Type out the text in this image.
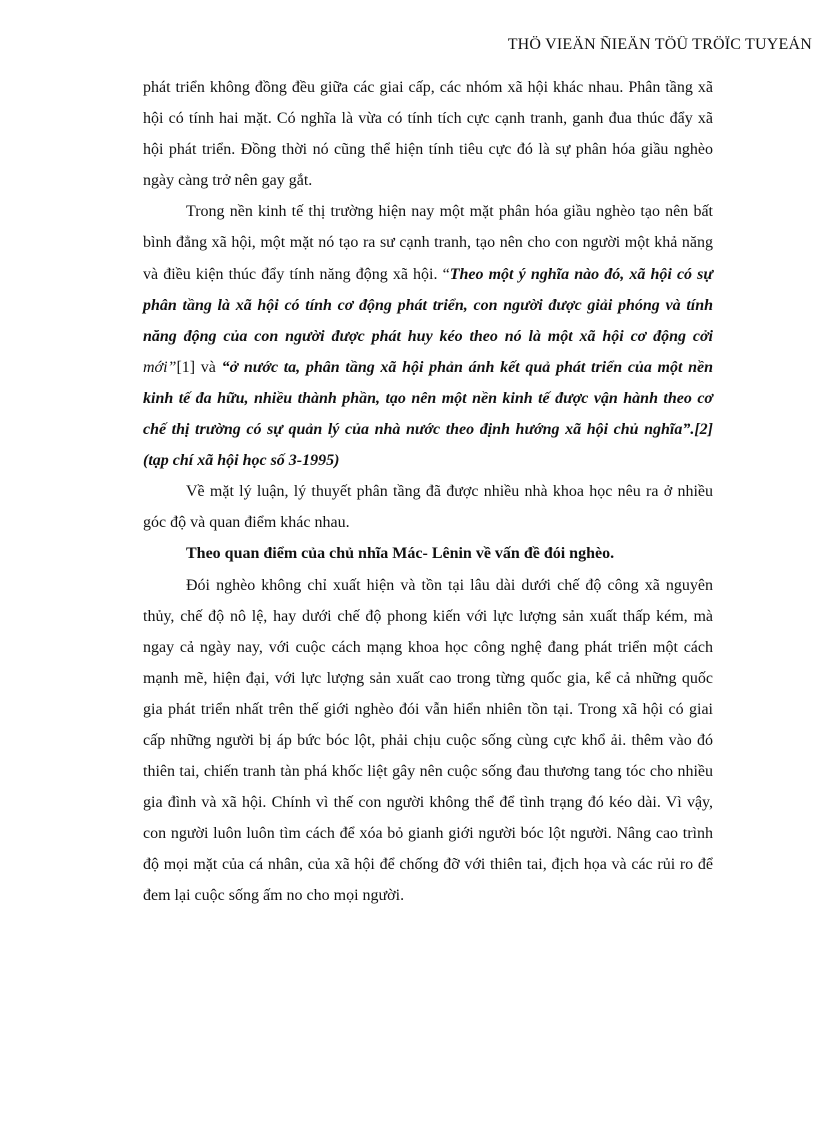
THÖ VIEÄN ÑIEÄN TÖÛ TRÖÏC TUYEÁN

phát triển không đồng đều giữa các giai cấp, các nhóm xã hội khác nhau. Phân tầng xã hội có tính hai mặt. Có nghĩa là vừa có tính tích cực cạnh tranh, ganh đua thúc đẩy xã hội phát triển. Đồng thời nó cũng thể hiện tính tiêu cực đó là sự phân hóa giầu nghèo ngày càng trở nên gay gắt.

Trong nền kinh tế thị trường hiện nay một mặt phân hóa giầu nghèo tạo nên bất bình đẳng xã hội, một mặt nó tạo ra sư cạnh tranh, tạo nên cho con người một khả năng và điều kiện thúc đẩy tính năng động xã hội. “Theo một ý nghĩa nào đó, xã hội có sự phân tầng là xã hội có tính cơ động phát triển, con người được giải phóng và tính năng động của con người được phát huy kéo theo nó là một xã hội cơ động cởi mới”[1] và “ở nước ta, phân tầng xã hội phản ánh kết quả phát triển của một nền kinh tế đa hữu, nhiều thành phần, tạo nên một nền kinh tế được vận hành theo cơ chế thị trường có sự quản lý của nhà nước theo định hướng xã hội chủ nghĩa”.[2] (tạp chí xã hội học số 3-1995)

Về mặt lý luận, lý thuyết phân tầng đã được nhiều nhà khoa học nêu ra ở nhiều góc độ và quan điểm khác nhau.

Theo quan điểm của chủ nhĩa Mác- Lênin về vấn đề đói nghèo.

Đói nghèo không chỉ xuất hiện và tồn tại lâu dài dưới chế độ công xã nguyên thủy, chế độ nô lệ, hay dưới chế độ phong kiến với lực lượng sản xuất thấp kém, mà ngay cả ngày nay, với cuộc cách mạng khoa học công nghệ đang phát triển một cách mạnh mẽ, hiện đại, với lực lượng sản xuất cao trong từng quốc gia, kể cả những quốc gia phát triển nhất trên thế giới nghèo đói vẫn hiển nhiên tồn tại. Trong xã hội có giai cấp những người bị áp bức bóc lột, phải chịu cuộc sống cùng cực khổ ải. thêm vào đó thiên tai, chiến tranh tàn phá khốc liệt gây nên cuộc sống đau thương tang tóc cho nhiều gia đình và xã hội. Chính vì thế con người không thể để tình trạng đó kéo dài. Vì vậy, con người luôn luôn tìm cách để xóa bỏ gianh giới người bóc lột người. Nâng cao trình độ mọi mặt của cá nhân, của xã hội để chống đỡ với thiên tai, địch họa và các rủi ro để đem lại cuộc sống ấm no cho mọi người.
